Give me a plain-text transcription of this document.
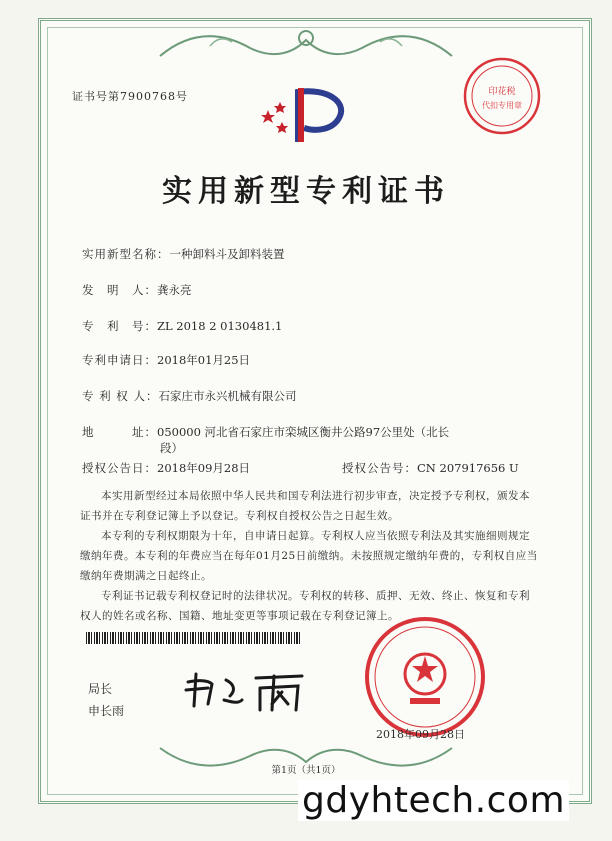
证书号第7900768号	印花税
代扣专用章
实用新型专利证书
实用新型名称：一种卸料斗及卸料装置
发　明　人：龚永亮
专　利　号：ZL 2018 2 0130481.1
专利申请日：2018年01月25日
专 利 权 人：石家庄市永兴机械有限公司
地　　　址：050000 河北省石家庄市栾城区衡井公路97公里处（北长
段）
授权公告日：2018年09月28日	授权公告号：CN 207917656 U
本实用新型经过本局依照中华人民共和国专利法进行初步审查，决定授予专利权，颁发本证书并在专利登记簿上予以登记。专利权自授权公告之日起生效。
本专利的专利权期限为十年，自申请日起算。专利权人应当依照专利法及其实施细则规定缴纳年费。本专利的年费应当在每年01月25日前缴纳。未按照规定缴纳年费的，专利权自应当缴纳年费期满之日起终止。
专利证书记载专利权登记时的法律状况。专利权的转移、质押、无效、终止、恢复和专利权人的姓名或名称、国籍、地址变更等事项记载在专利登记簿上。
局长
申长雨
2018年09月28日
第1页（共1页）
gdyhtech.com
